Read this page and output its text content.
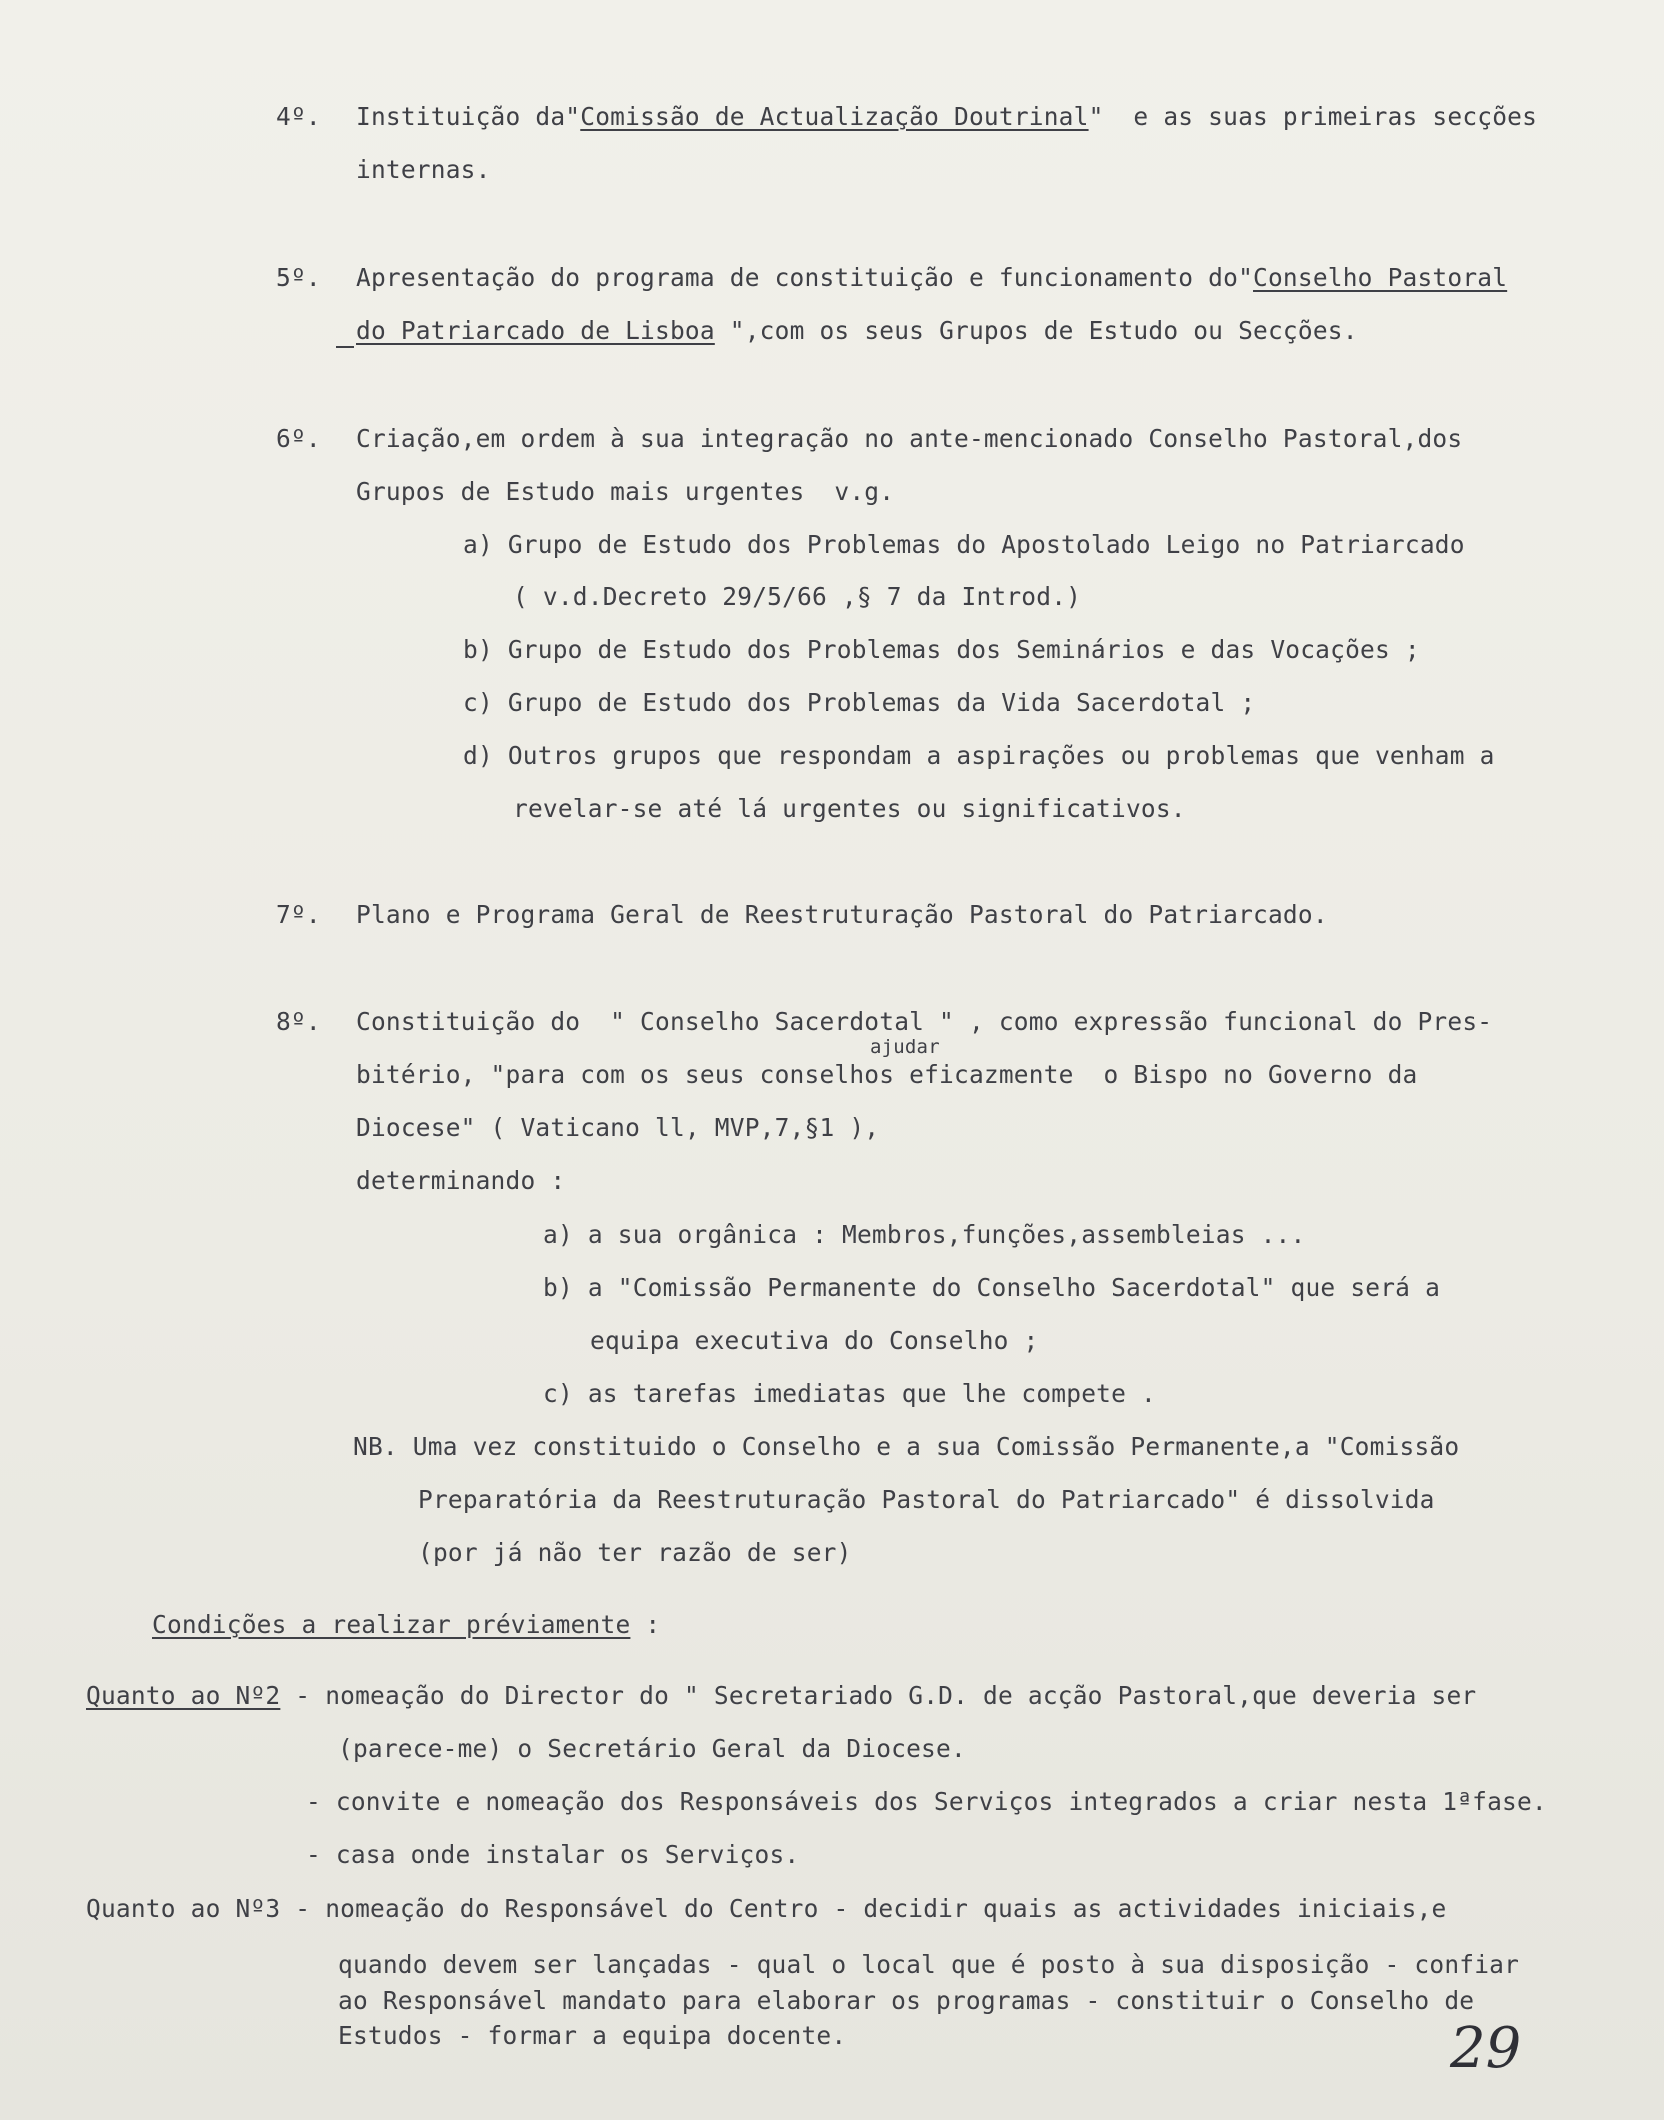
4º. Instituição da"Comissão de Actualização Doutrinal"  e as suas primeiras secções
internas.
5º. Apresentação do programa de constituição e funcionamento do"Conselho Pastoral
do Patriarcado de Lisboa ",com os seus Grupos de Estudo ou Secções.
6º. Criação,em ordem à sua integração no ante-mencionado Conselho Pastoral,dos
Grupos de Estudo mais urgentes  v.g.
a) Grupo de Estudo dos Problemas do Apostolado Leigo no Patriarcado
( v.d.Decreto 29/5/66 ,§ 7 da Introd.)
b) Grupo de Estudo dos Problemas dos Seminários e das Vocações ;
c) Grupo de Estudo dos Problemas da Vida Sacerdotal ;
d) Outros grupos que respondam a aspirações ou problemas que venham a
revelar-se até lá urgentes ou significativos.
7º. Plano e Programa Geral de Reestruturação Pastoral do Patriarcado.
8º. Constituição do  " Conselho Sacerdotal " , como expressão funcional do Pres-
ajudar
bitério, "para com os seus conselhos eficazmente  o Bispo no Governo da
Diocese" ( Vaticano ll, MVP,7,§1 ),
determinando :
a) a sua orgânica : Membros,funções,assembleias ...
b) a "Comissão Permanente do Conselho Sacerdotal" que será a
equipa executiva do Conselho ;
c) as tarefas imediatas que lhe compete .
NB. Uma vez constituido o Conselho e a sua Comissão Permanente,a "Comissão
Preparatória da Reestruturação Pastoral do Patriarcado" é dissolvida
(por já não ter razão de ser)
Condições a realizar préviamente :
Quanto ao Nº2 - nomeação do Director do " Secretariado G.D. de acção Pastoral,que deveria ser
(parece-me) o Secretário Geral da Diocese.
- convite e nomeação dos Responsáveis dos Serviços integrados a criar nesta 1ªfase.
- casa onde instalar os Serviços.
Quanto ao Nº3 - nomeação do Responsável do Centro - decidir quais as actividades iniciais,e
quando devem ser lançadas - qual o local que é posto à sua disposição - confiar
ao Responsável mandato para elaborar os programas - constituir o Conselho de
Estudos - formar a equipa docente.	29
